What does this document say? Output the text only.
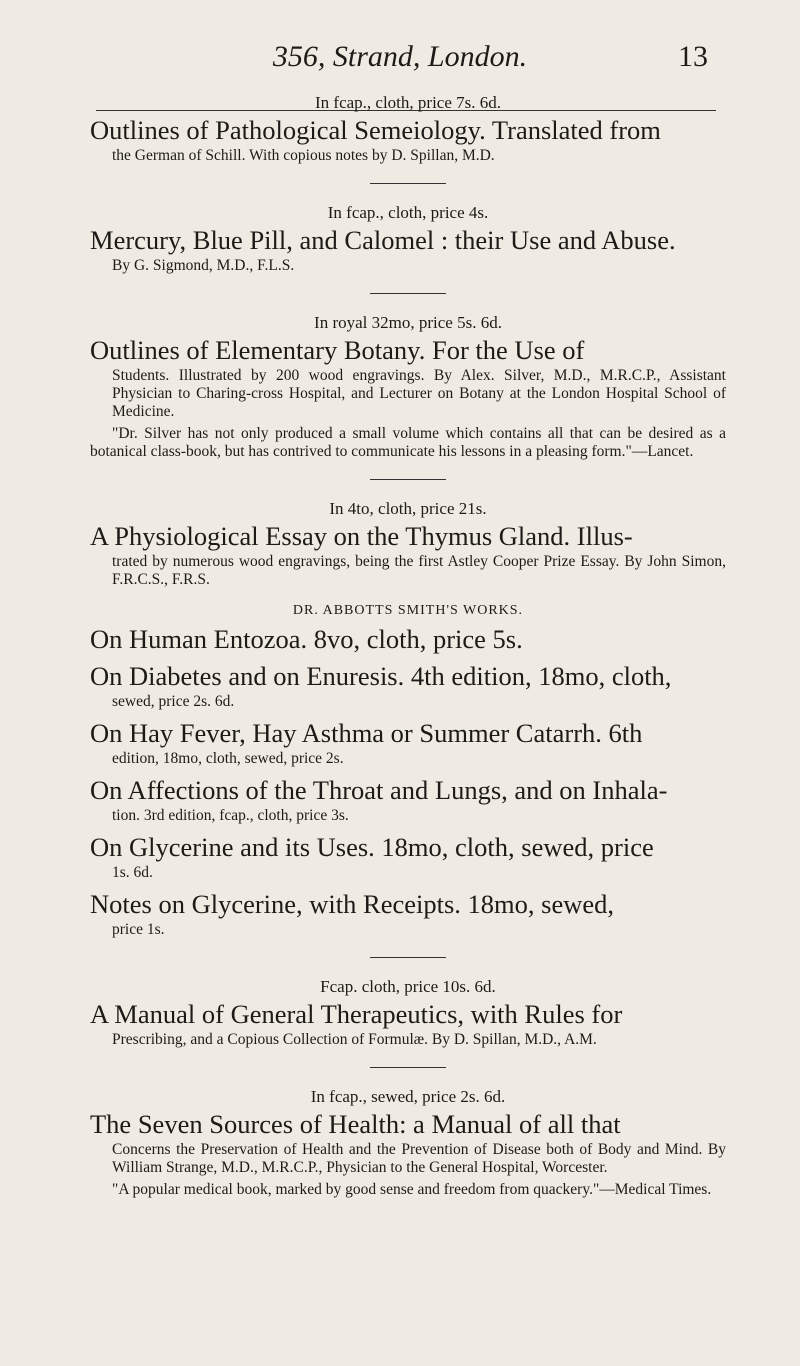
356, Strand, London.	13

In fcap., cloth, price 7s. 6d.

Outlines of Pathological Semeiology. Translated from

the German of Schill. With copious notes by D. Spillan, M.D.

In fcap., cloth, price 4s.

Mercury, Blue Pill, and Calomel : their Use and Abuse.

By G. Sigmond, M.D., F.L.S.

In royal 32mo, price 5s. 6d.

Outlines of Elementary Botany. For the Use of

Students. Illustrated by 200 wood engravings. By Alex. Silver, M.D., M.R.C.P., Assistant Physician to Charing-cross Hospital, and Lecturer on Botany at the London Hospital School of Medicine.

"Dr. Silver has not only produced a small volume which contains all that can be desired as a botanical class-book, but has contrived to communicate his lessons in a pleasing form."—Lancet.

In 4to, cloth, price 21s.

A Physiological Essay on the Thymus Gland. Illus-

trated by numerous wood engravings, being the first Astley Cooper Prize Essay. By John Simon, F.R.C.S., F.R.S.

DR. ABBOTTS SMITH'S WORKS.

On Human Entozoa. 8vo, cloth, price 5s.

On Diabetes and on Enuresis. 4th edition, 18mo, cloth,

sewed, price 2s. 6d.

On Hay Fever, Hay Asthma or Summer Catarrh. 6th

edition, 18mo, cloth, sewed, price 2s.

On Affections of the Throat and Lungs, and on Inhala-

tion. 3rd edition, fcap., cloth, price 3s.

On Glycerine and its Uses. 18mo, cloth, sewed, price

1s. 6d.

Notes on Glycerine, with Receipts. 18mo, sewed,

price 1s.

Fcap. cloth, price 10s. 6d.

A Manual of General Therapeutics, with Rules for

Prescribing, and a Copious Collection of Formulæ. By D. Spillan, M.D., A.M.

In fcap., sewed, price 2s. 6d.

The Seven Sources of Health: a Manual of all that

Concerns the Preservation of Health and the Prevention of Disease both of Body and Mind. By William Strange, M.D., M.R.C.P., Physician to the General Hospital, Worcester.

"A popular medical book, marked by good sense and freedom from quackery."—Medical Times.
